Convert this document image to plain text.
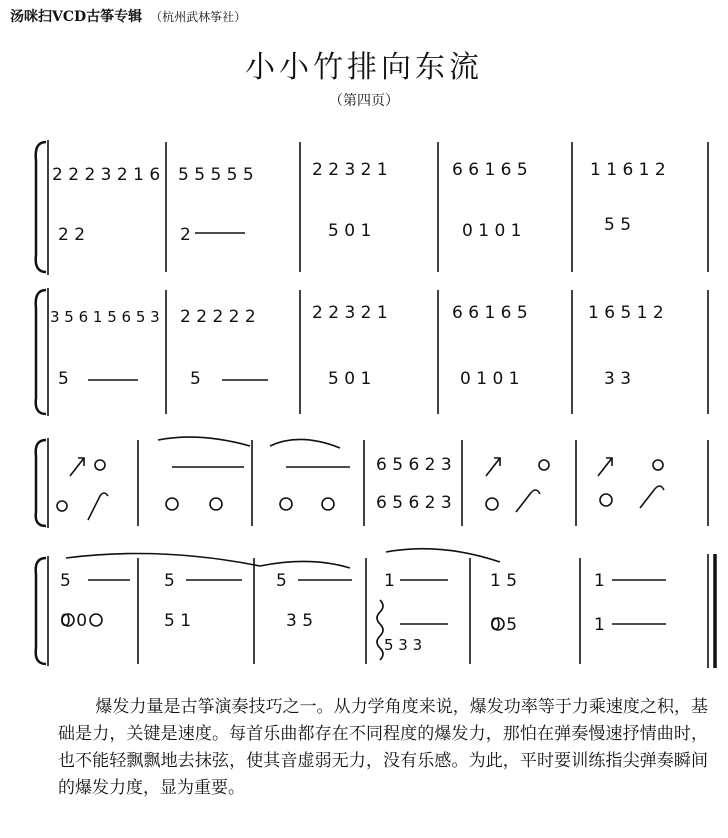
汤咪扫VCD古筝专辑 （杭州武林筝社）
小小竹排向东流
（第四页）
2 2 2 3 2 1 6
2 2
5 5 5 5 5
2
2 2 3 2 1
5 0 1
6 6 1 6 5
0 1 0 1
1 1 6 1 2
5 5
3 5 6 1 5 6 5 3
5
2 2 2 2 2
5
2 2 3 2 1
5 0 1
6 6 1 6 5
0 1 0 1
1 6 5 1 2
3 3
6 5 6 2 3
6 5 6 2 3
5
0 0
5
5 1
5
3 5
1
5 3 3
1 5
0 5
1
1

爆发力量是古筝演奏技巧之一。从力学角度来说，爆发功率等于力乘速度之积，基础是力，关键是速度。每首乐曲都存在不同程度的爆发力，那怕在弹奏慢速抒情曲时，也不能轻飘飘地去抹弦，使其音虚弱无力，没有乐感。为此，平时要训练指尖弹奏瞬间的爆发力度，显为重要。
